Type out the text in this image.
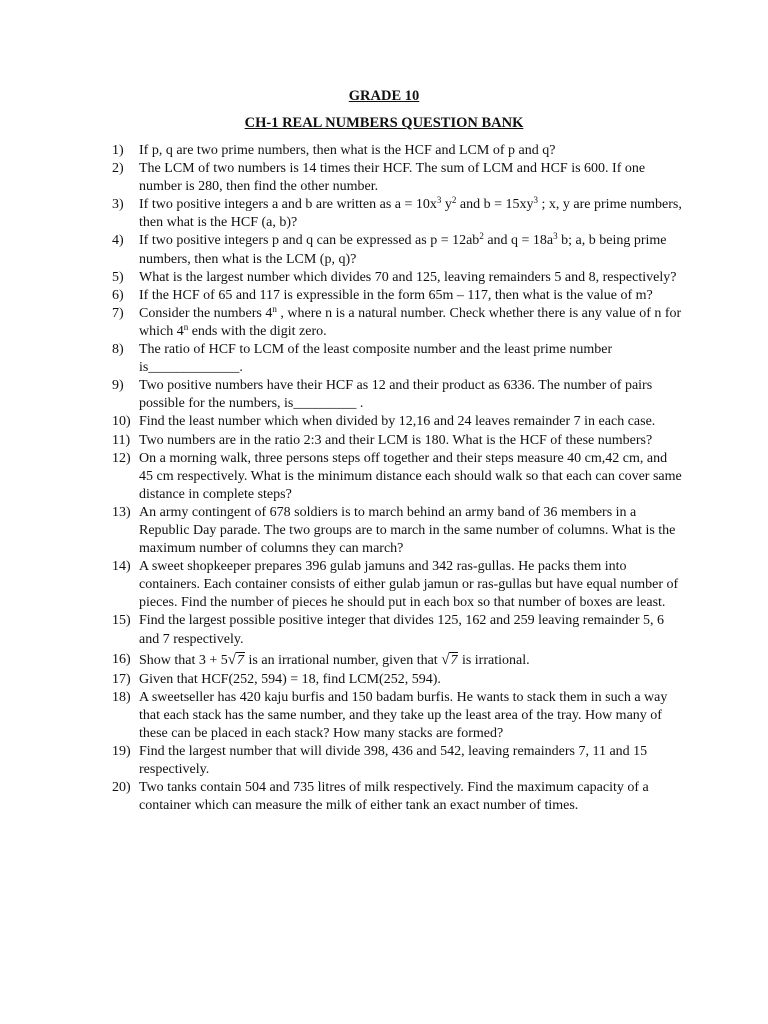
GRADE 10
CH-1 REAL NUMBERS QUESTION BANK
1) If p, q are two prime numbers, then what is the HCF and LCM of p and q?
2) The LCM of two numbers is 14 times their HCF. The sum of LCM and HCF is 600. If one number is 280, then find the other number.
3) If two positive integers a and b are written as $a = 10x^3$ $y^2$ and $b = 15xy^3$ ; x, y are prime numbers, then what is the HCF (a, b)?
4) If two positive integers p and q can be expressed as $p = 12ab^2$ and $q = 18a^3$ b; a, b being prime numbers, then what is the LCM (p, q)?
5) What is the largest number which divides 70 and 125, leaving remainders 5 and 8, respectively?
6) If the HCF of 65 and 117 is expressible in the form 65m – 117, then what is the value of m?
7) Consider the numbers 4$^n$ , where n is a natural number. Check whether there is any value of n for which 4$^n$ ends with the digit zero.
8) The ratio of HCF to LCM of the least composite number and the least prime number is_____________.
9) Two positive numbers have their HCF as 12 and their product as 6336. The number of pairs possible for the numbers, is_________ .
10) Find the least number which when divided by 12,16 and 24 leaves remainder 7 in each case.
11) Two numbers are in the ratio 2:3 and their LCM is 180. What is the HCF of these numbers?
12) On a morning walk, three persons steps off together and their steps measure 40 cm,42 cm, and 45 cm respectively. What is the minimum distance each should walk so that each can cover same distance in complete steps?
13) An army contingent of 678 soldiers is to march behind an army band of 36 members in a Republic Day parade. The two groups are to march in the same number of columns. What is the maximum number of columns they can march?
14) A sweet shopkeeper prepares 396 gulab jamuns and 342 ras-gullas. He packs them into containers. Each container consists of either gulab jamun or ras-gullas but have equal number of pieces. Find the number of pieces he should put in each box so that number of boxes are least.
15) Find the largest possible positive integer that divides 125, 162 and 259 leaving remainder 5, 6 and 7 respectively.
16) Show that 3 + 5√7 is an irrational number, given that √7 is irrational.
17) Given that HCF(252, 594) = 18, find LCM(252, 594).
18) A sweetseller has 420 kaju burfis and 150 badam burfis. He wants to stack them in such a way that each stack has the same number, and they take up the least area of the tray. How many of these can be placed in each stack? How many stacks are formed?
19) Find the largest number that will divide 398, 436 and 542, leaving remainders 7, 11 and 15 respectively.
20) Two tanks contain 504 and 735 litres of milk respectively. Find the maximum capacity of a container which can measure the milk of either tank an exact number of times.
